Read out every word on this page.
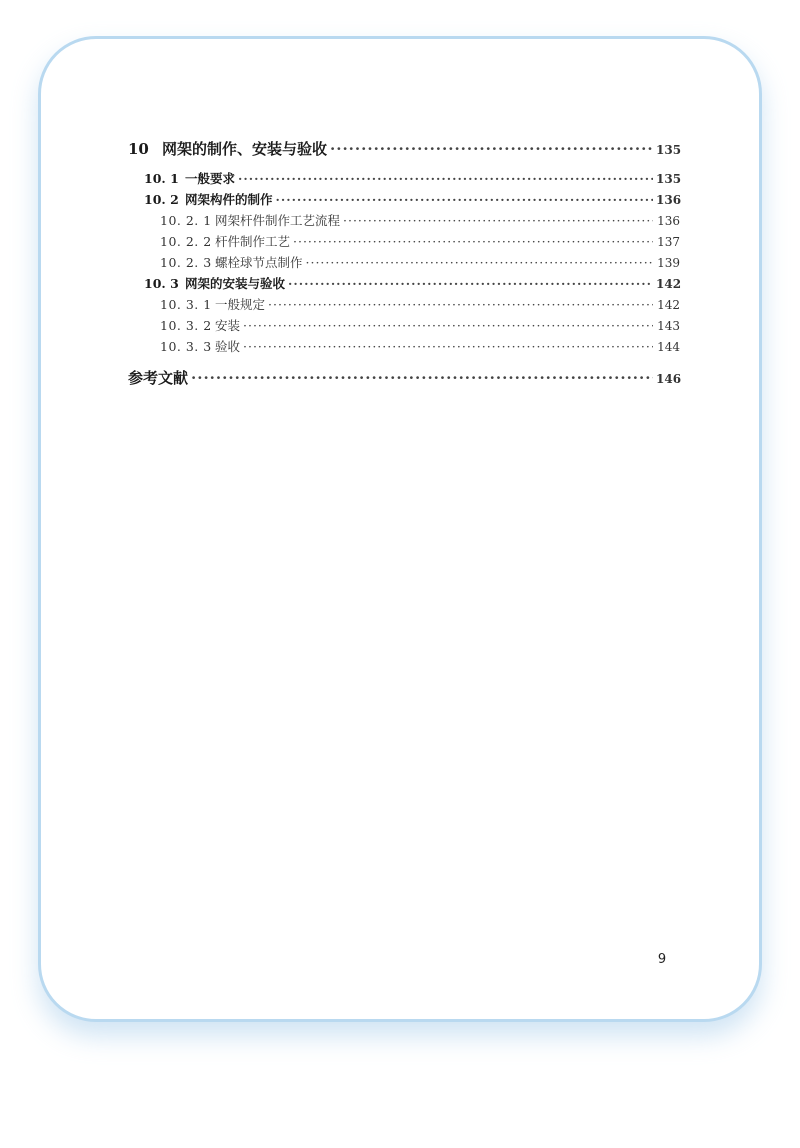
10 网架的制作、安装与验收 ·····	135
10. 1 一般要求 ·····	135
10. 2 网架构件的制作 ·····	136
10. 2. 1 网架杆件制作工艺流程 ·····	136
10. 2. 2 杆件制作工艺 ·····	137
10. 2. 3 螺栓球节点制作 ·····	139
10. 3 网架的安装与验收 ·····	142
10. 3. 1 一般规定 ·····	142
10. 3. 2 安装 ·····	143
10. 3. 3 验收 ·····	144
参考文献 ·····	146
9
